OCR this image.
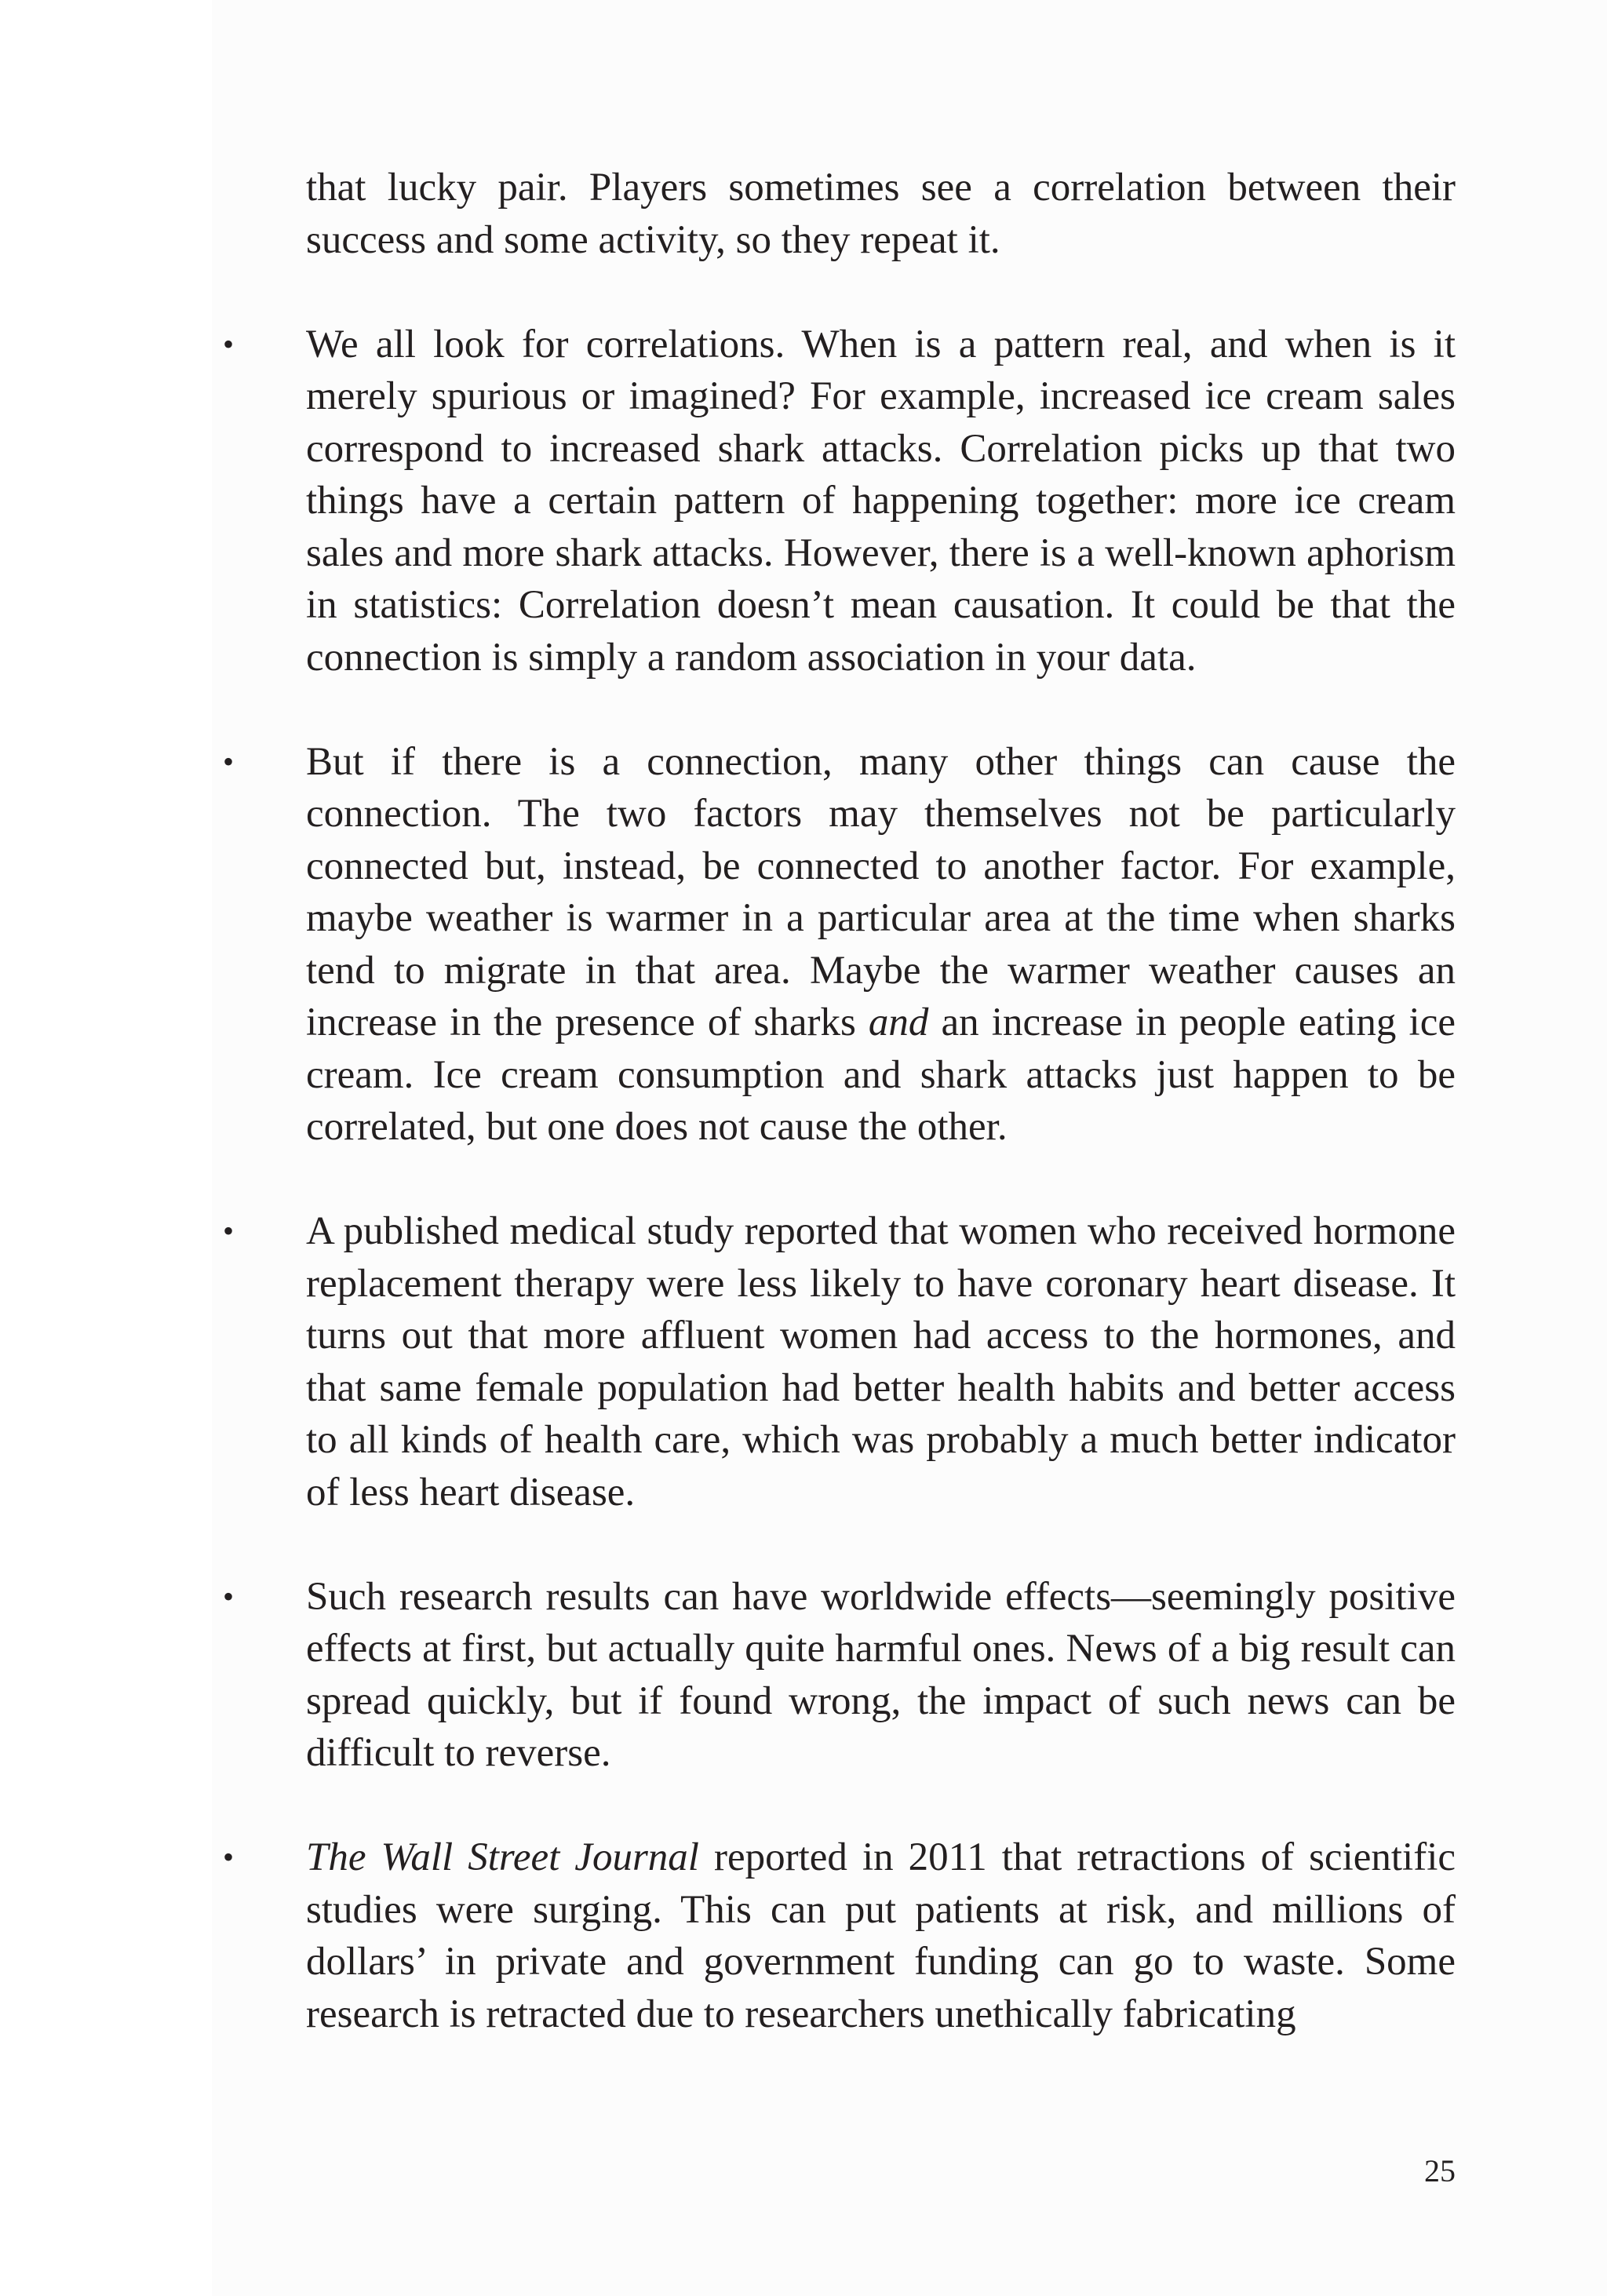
that lucky pair. Players sometimes see a correlation between their success and some activity, so they repeat it.

• We all look for correlations. When is a pattern real, and when is it merely spurious or imagined? For example, increased ice cream sales correspond to increased shark attacks. Correlation picks up that two things have a certain pattern of happening together: more ice cream sales and more shark attacks. However, there is a well-known aphorism in statistics: Correlation doesn’t mean causation. It could be that the connection is simply a random association in your data.
• But if there is a connection, many other things can cause the connection. The two factors may themselves not be particularly connected but, instead, be connected to another factor. For example, maybe weather is warmer in a particular area at the time when sharks tend to migrate in that area. Maybe the warmer weather causes an increase in the presence of sharks and an increase in people eating ice cream. Ice cream consumption and shark attacks just happen to be correlated, but one does not cause the other.
• A published medical study reported that women who received hormone replacement therapy were less likely to have coronary heart disease. It turns out that more affluent women had access to the hormones, and that same female population had better health habits and better access to all kinds of health care, which was probably a much better indicator of less heart disease.
• Such research results can have worldwide effects—seemingly positive effects at first, but actually quite harmful ones. News of a big result can spread quickly, but if found wrong, the impact of such news can be difficult to reverse.
• The Wall Street Journal reported in 2011 that retractions of scientific studies were surging. This can put patients at risk, and millions of dollars’ in private and government funding can go to waste. Some research is retracted due to researchers unethically fabricating
25
